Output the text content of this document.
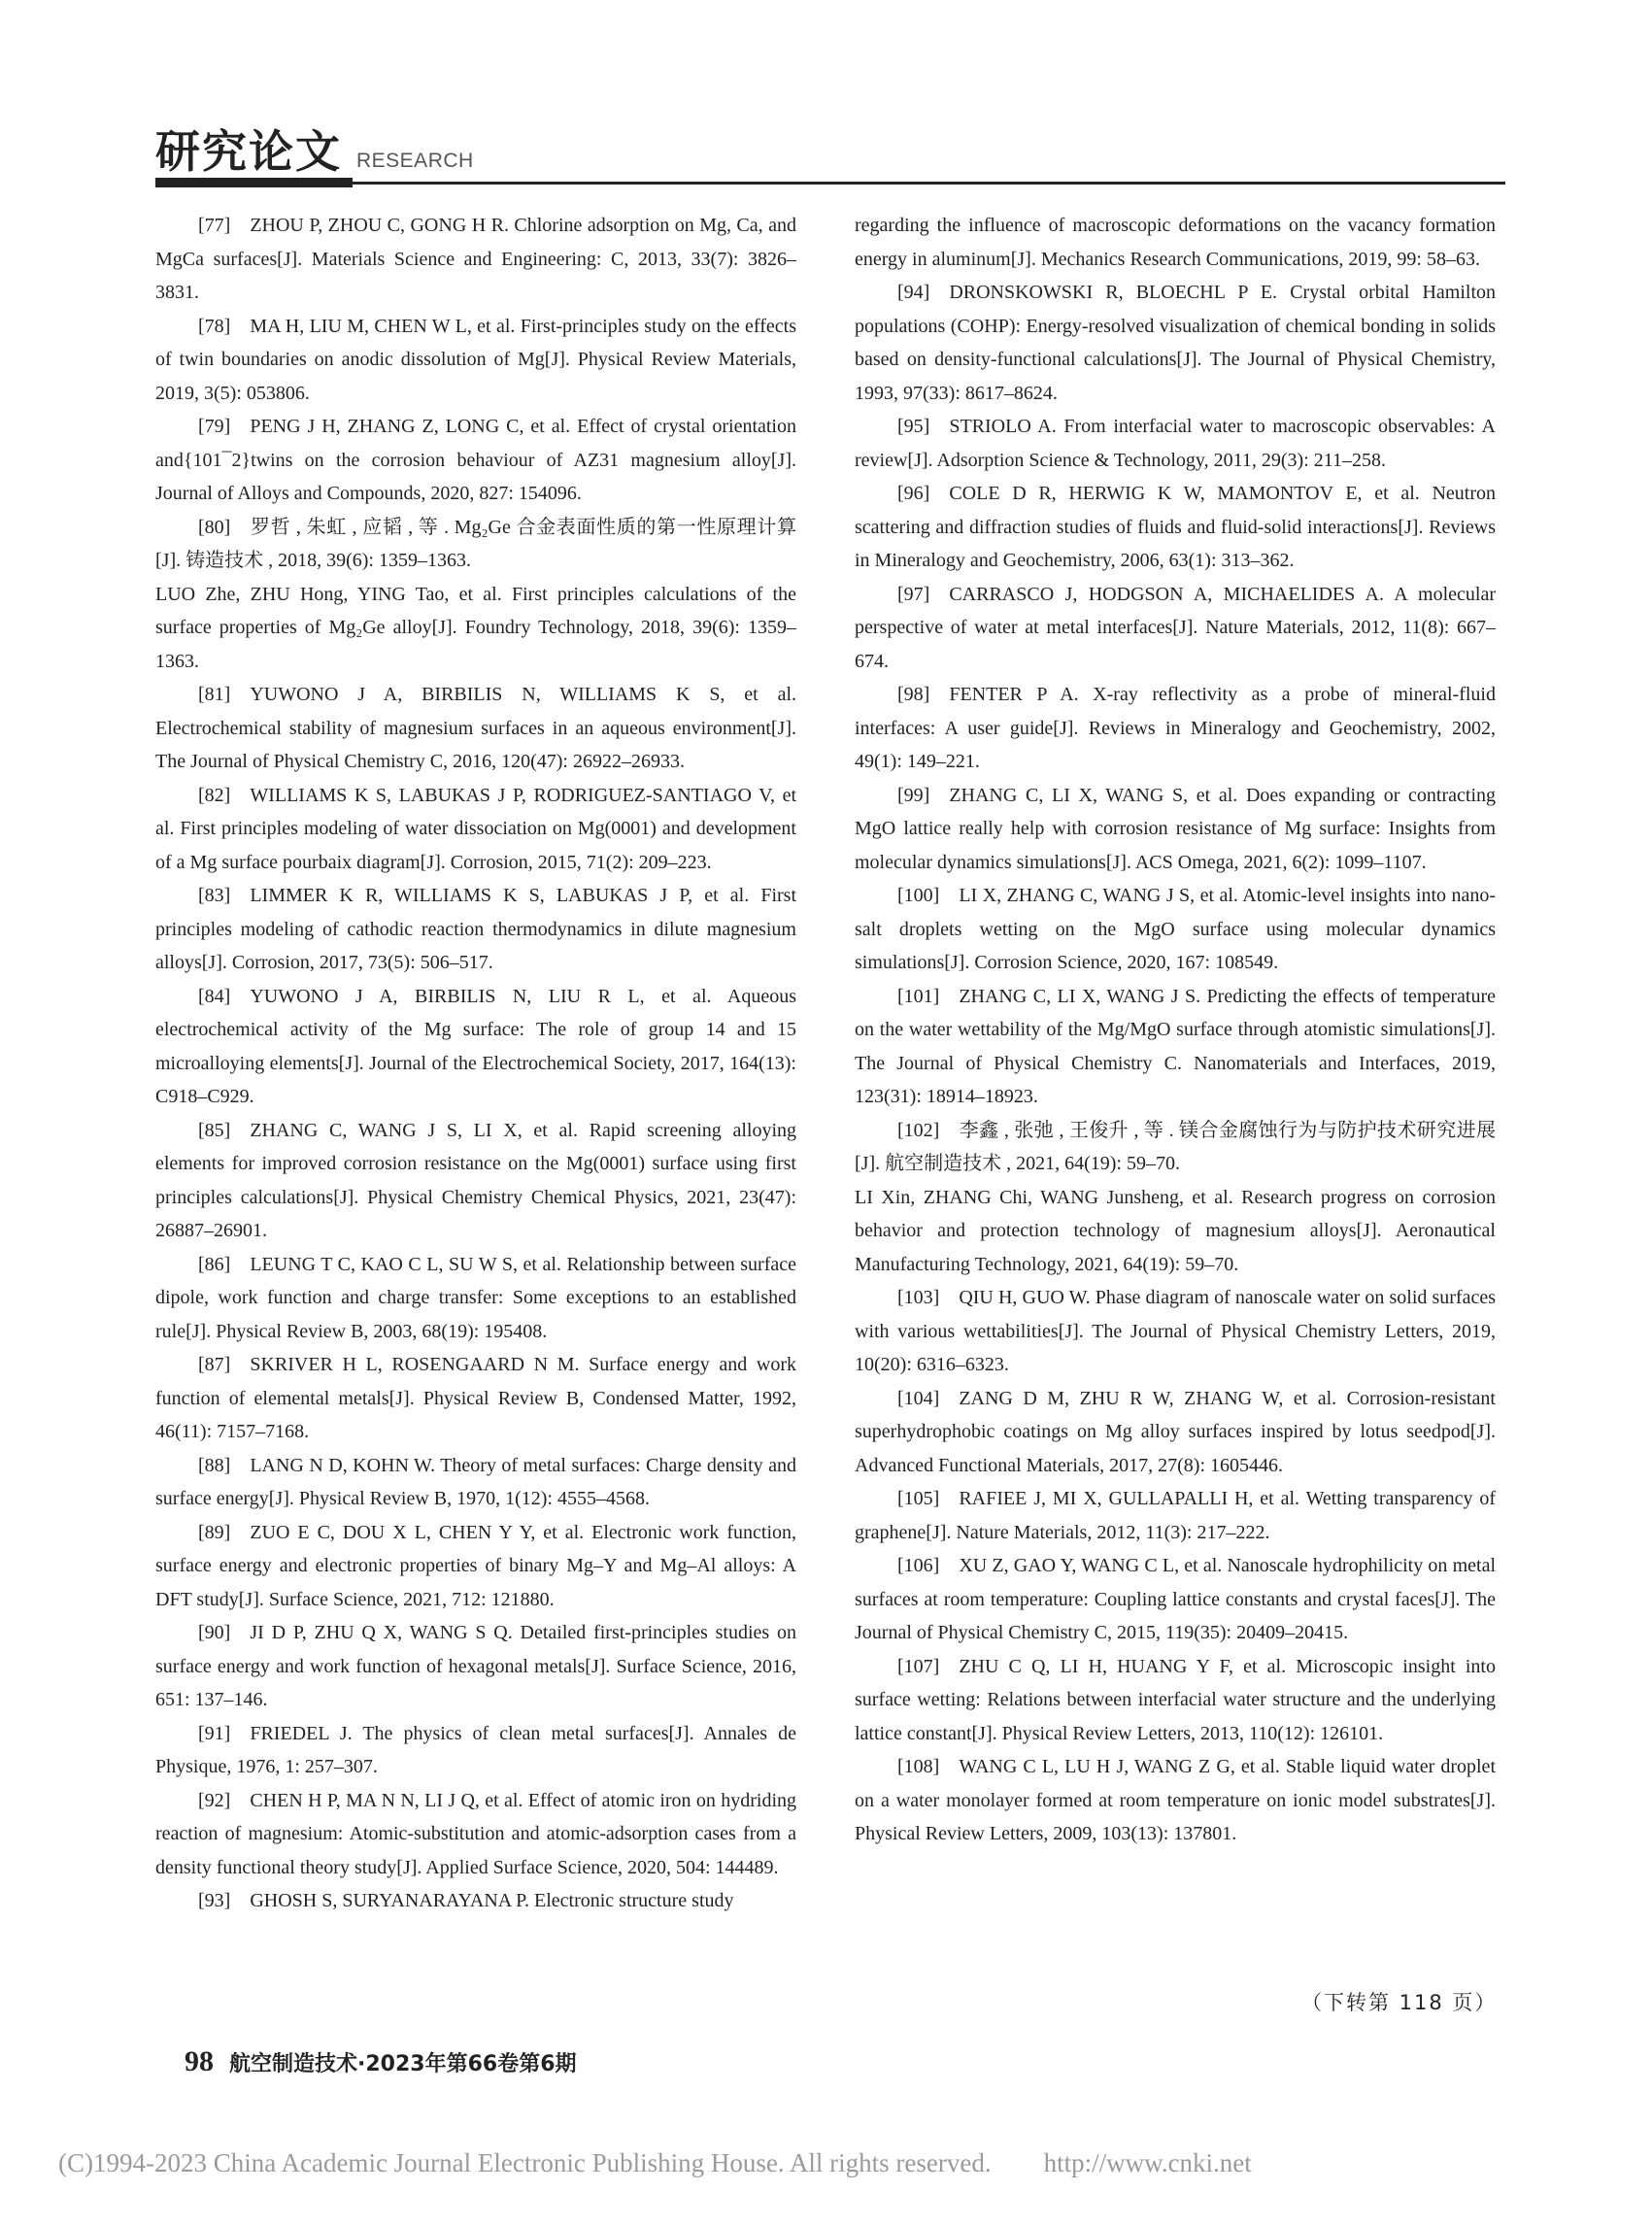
研究论文 RESEARCH

[77] ZHOU P, ZHOU C, GONG H R. Chlorine adsorption on Mg, Ca, and MgCa surfaces[J]. Materials Science and Engineering: C, 2013, 33(7): 3826–3831.

[78] MA H, LIU M, CHEN W L, et al. First-principles study on the effects of twin boundaries on anodic dissolution of Mg[J]. Physical Review Materials, 2019, 3(5): 053806.

[79] PENG J H, ZHANG Z, LONG C, et al. Effect of crystal orientation and{101¯2}twins on the corrosion behaviour of AZ31 magnesium alloy[J]. Journal of Alloys and Compounds, 2020, 827: 154096.

[80] 罗哲 , 朱虹 , 应韬 , 等 . Mg₂Ge 合金表面性质的第一性原理计算 [J]. 铸造技术 , 2018, 39(6): 1359–1363.

LUO Zhe, ZHU Hong, YING Tao, et al. First principles calculations of the surface properties of Mg₂Ge alloy[J]. Foundry Technology, 2018, 39(6): 1359–1363.

[81] YUWONO J A, BIRBILIS N, WILLIAMS K S, et al. Electrochemical stability of magnesium surfaces in an aqueous environment[J]. The Journal of Physical Chemistry C, 2016, 120(47): 26922–26933.

[82] WILLIAMS K S, LABUKAS J P, RODRIGUEZ-SANTIAGO V, et al. First principles modeling of water dissociation on Mg(0001) and development of a Mg surface pourbaix diagram[J]. Corrosion, 2015, 71(2): 209–223.

[83] LIMMER K R, WILLIAMS K S, LABUKAS J P, et al. First principles modeling of cathodic reaction thermodynamics in dilute magnesium alloys[J]. Corrosion, 2017, 73(5): 506–517.

[84] YUWONO J A, BIRBILIS N, LIU R L, et al. Aqueous electrochemical activity of the Mg surface: The role of group 14 and 15 microalloying elements[J]. Journal of the Electrochemical Society, 2017, 164(13): C918–C929.

[85] ZHANG C, WANG J S, LI X, et al. Rapid screening alloying elements for improved corrosion resistance on the Mg(0001) surface using first principles calculations[J]. Physical Chemistry Chemical Physics, 2021, 23(47): 26887–26901.

[86] LEUNG T C, KAO C L, SU W S, et al. Relationship between surface dipole, work function and charge transfer: Some exceptions to an established rule[J]. Physical Review B, 2003, 68(19): 195408.

[87] SKRIVER H L, ROSENGAARD N M. Surface energy and work function of elemental metals[J]. Physical Review B, Condensed Matter, 1992, 46(11): 7157–7168.

[88] LANG N D, KOHN W. Theory of metal surfaces: Charge density and surface energy[J]. Physical Review B, 1970, 1(12): 4555–4568.

[89] ZUO E C, DOU X L, CHEN Y Y, et al. Electronic work function, surface energy and electronic properties of binary Mg–Y and Mg–Al alloys: A DFT study[J]. Surface Science, 2021, 712: 121880.

[90] JI D P, ZHU Q X, WANG S Q. Detailed first-principles studies on surface energy and work function of hexagonal metals[J]. Surface Science, 2016, 651: 137–146.

[91] FRIEDEL J. The physics of clean metal surfaces[J]. Annales de Physique, 1976, 1: 257–307.

[92] CHEN H P, MA N N, LI J Q, et al. Effect of atomic iron on hydriding reaction of magnesium: Atomic-substitution and atomic-adsorption cases from a density functional theory study[J]. Applied Surface Science, 2020, 504: 144489.

[93] GHOSH S, SURYANARAYANA P. Electronic structure study

regarding the influence of macroscopic deformations on the vacancy formation energy in aluminum[J]. Mechanics Research Communications, 2019, 99: 58–63.

[94] DRONSKOWSKI R, BLOECHL P E. Crystal orbital Hamilton populations (COHP): Energy-resolved visualization of chemical bonding in solids based on density-functional calculations[J]. The Journal of Physical Chemistry, 1993, 97(33): 8617–8624.

[95] STRIOLO A. From interfacial water to macroscopic observables: A review[J]. Adsorption Science & Technology, 2011, 29(3): 211–258.

[96] COLE D R, HERWIG K W, MAMONTOV E, et al. Neutron scattering and diffraction studies of fluids and fluid-solid interactions[J]. Reviews in Mineralogy and Geochemistry, 2006, 63(1): 313–362.

[97] CARRASCO J, HODGSON A, MICHAELIDES A. A molecular perspective of water at metal interfaces[J]. Nature Materials, 2012, 11(8): 667–674.

[98] FENTER P A. X-ray reflectivity as a probe of mineral-fluid interfaces: A user guide[J]. Reviews in Mineralogy and Geochemistry, 2002, 49(1): 149–221.

[99] ZHANG C, LI X, WANG S, et al. Does expanding or contracting MgO lattice really help with corrosion resistance of Mg surface: Insights from molecular dynamics simulations[J]. ACS Omega, 2021, 6(2): 1099–1107.

[100] LI X, ZHANG C, WANG J S, et al. Atomic-level insights into nano-salt droplets wetting on the MgO surface using molecular dynamics simulations[J]. Corrosion Science, 2020, 167: 108549.

[101] ZHANG C, LI X, WANG J S. Predicting the effects of temperature on the water wettability of the Mg/MgO surface through atomistic simulations[J]. The Journal of Physical Chemistry C. Nanomaterials and Interfaces, 2019, 123(31): 18914–18923.

[102] 李鑫 , 张弛 , 王俊升 , 等 . 镁合金腐蚀行为与防护技术研究进展 [J]. 航空制造技术 , 2021, 64(19): 59–70.

LI Xin, ZHANG Chi, WANG Junsheng, et al. Research progress on corrosion behavior and protection technology of magnesium alloys[J]. Aeronautical Manufacturing Technology, 2021, 64(19): 59–70.

[103] QIU H, GUO W. Phase diagram of nanoscale water on solid surfaces with various wettabilities[J]. The Journal of Physical Chemistry Letters, 2019, 10(20): 6316–6323.

[104] ZANG D M, ZHU R W, ZHANG W, et al. Corrosion-resistant superhydrophobic coatings on Mg alloy surfaces inspired by lotus seedpod[J]. Advanced Functional Materials, 2017, 27(8): 1605446.

[105] RAFIEE J, MI X, GULLAPALLI H, et al. Wetting transparency of graphene[J]. Nature Materials, 2012, 11(3): 217–222.

[106] XU Z, GAO Y, WANG C L, et al. Nanoscale hydrophilicity on metal surfaces at room temperature: Coupling lattice constants and crystal faces[J]. The Journal of Physical Chemistry C, 2015, 119(35): 20409–20415.

[107] ZHU C Q, LI H, HUANG Y F, et al. Microscopic insight into surface wetting: Relations between interfacial water structure and the underlying lattice constant[J]. Physical Review Letters, 2013, 110(12): 126101.

[108] WANG C L, LU H J, WANG Z G, et al. Stable liquid water droplet on a water monolayer formed at room temperature on ionic model substrates[J]. Physical Review Letters, 2009, 103(13): 137801.

（下转第 118 页）
98 航空制造技术·2023年第66卷第6期
(C)1994-2023 China Academic Journal Electronic Publishing House. All rights reserved.  http://www.cnki.net
